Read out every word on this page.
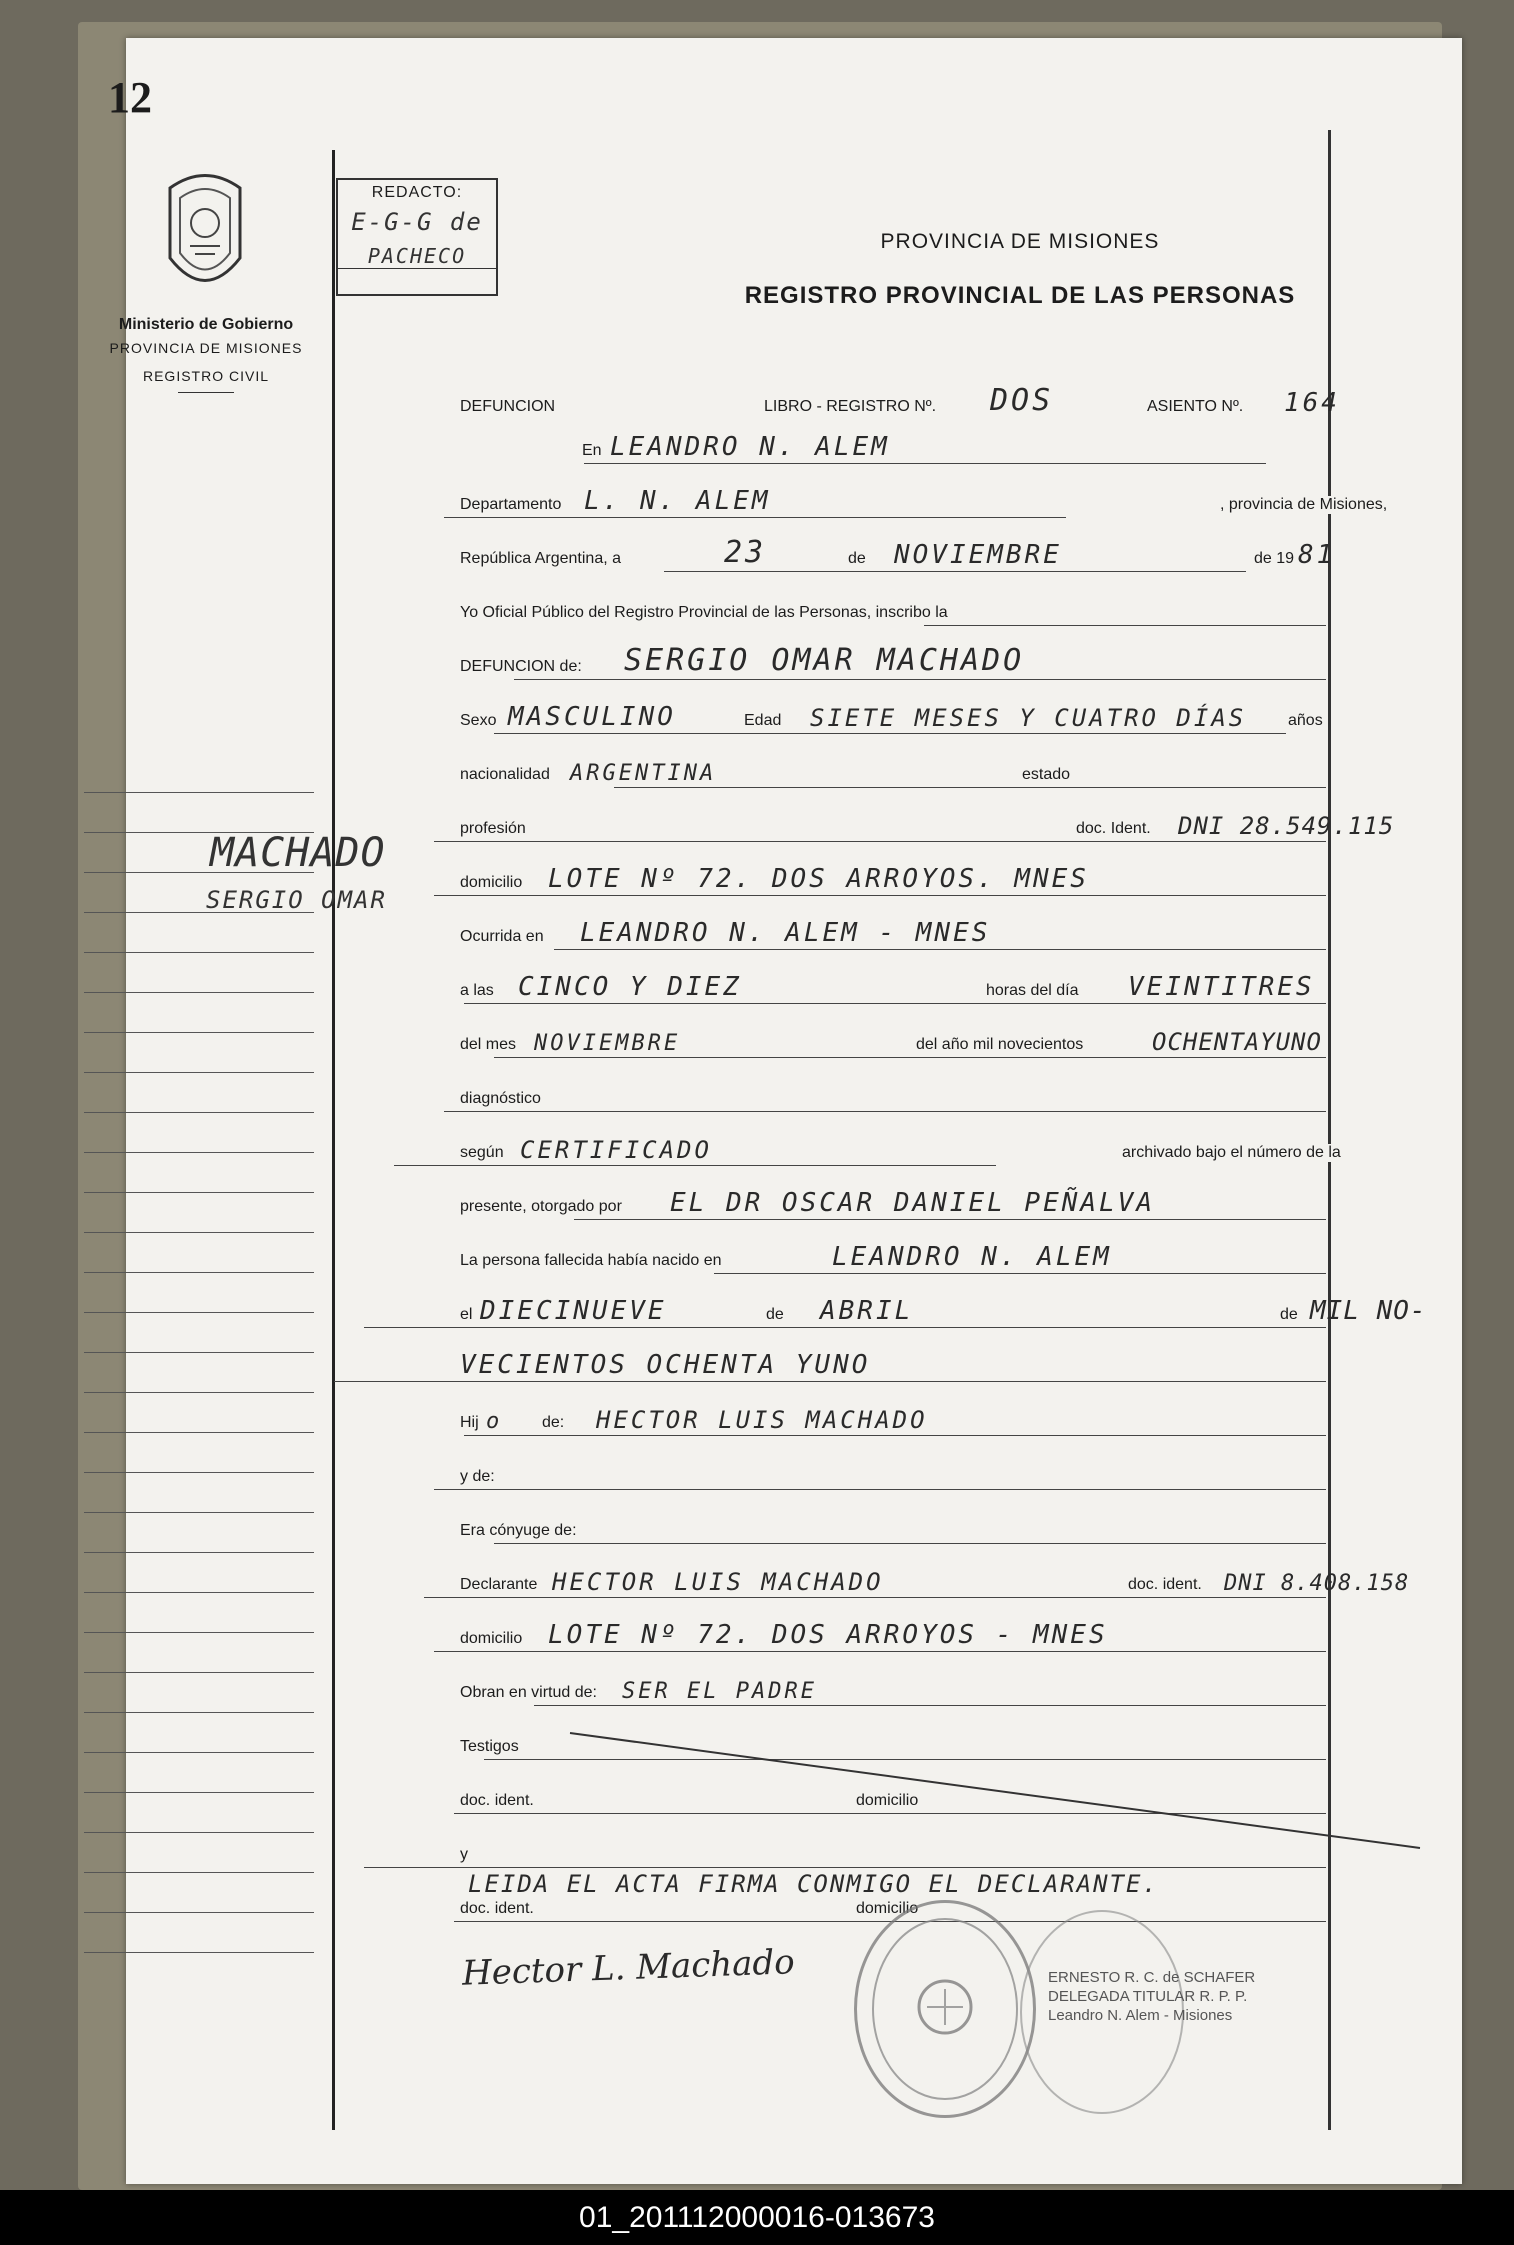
12
Ministerio de Gobierno
PROVINCIA DE MISIONES
REGISTRO CIVIL
MACHADO
SERGIO OMAR
REDACTO:
E-G-G de
PACHECO
PROVINCIA DE MISIONES
REGISTRO PROVINCIAL DE LAS PERSONAS
DEFUNCION	LIBRO - REGISTRO Nº. DOS	ASIENTO Nº. 164
En LEANDRO N. ALEM
Departamento L. N. ALEM	, provincia de Misiones,
República Argentina, a	23	de NOVIEMBRE	de 19 81
Yo Oficial Público del Registro Provincial de las Personas, inscribo la
DEFUNCION de: SERGIO OMAR MACHADO
Sexo MASCULINO	Edad SIETE MESES Y CUATRO DÍAS	años
nacionalidad ARGENTINA	estado
profesión	doc. Ident. DNI 28.549.115
domicilio LOTE Nº 72. DOS ARROYOS. MNES
Ocurrida en LEANDRO N. ALEM - MNES
a las CINCO Y DIEZ	horas del día VEINTITRES
del mes NOVIEMBRE	del año mil novecientos	OCHENTAYUNO
diagnóstico
según CERTIFICADO	archivado bajo el número de la
presente, otorgado por EL DR OSCAR DANIEL PEÑALVA
La persona fallecida había nacido en	LEANDRO N. ALEM
el DIECINUEVE	de ABRIL	de MIL NO-
VECIENTOS OCHENTA YUNO
Hij o de: HECTOR LUIS MACHADO
y de:
Era cónyuge de:
Declarante HECTOR LUIS MACHADO	doc. ident. DNI 8.408.158
domicilio LOTE Nº 72. DOS ARROYOS - MNES
Obran en virtud de: SER EL PADRE
Testigos
doc. ident.	domicilio
y
doc. ident.	domicilio
LEIDA EL ACTA FIRMA CONMIGO EL DECLARANTE.
Hector L. Machado	ERNESTO R. C. de SCHAFER
DELEGADA TITULAR R. P. P.
Leandro N. Alem - Misiones
01_201112000016-013673
